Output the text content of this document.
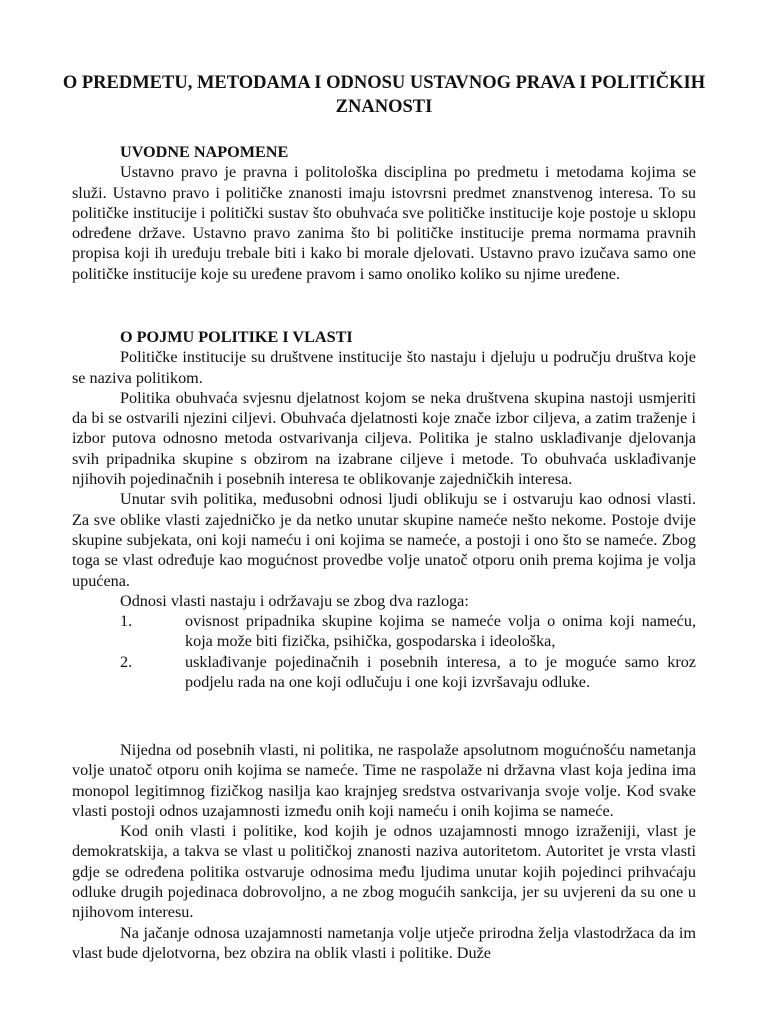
O PREDMETU, METODAMA I ODNOSU USTAVNOG PRAVA I POLITIČKIH ZNANOSTI

UVODNE NAPOMENE

Ustavno pravo je pravna i politološka disciplina po predmetu i metodama kojima se služi. Ustavno pravo i političke znanosti imaju istovrsni predmet znanstvenog interesa. To su političke institucije i politički sustav što obuhvaća sve političke institucije koje postoje u sklopu određene države. Ustavno pravo zanima što bi političke institucije prema normama pravnih propisa koji ih uređuju trebale biti i kako bi morale djelovati. Ustavno pravo izučava samo one političke institucije koje su uređene pravom i samo onoliko koliko su njime uređene.

O POJMU POLITIKE I VLASTI

Političke institucije su društvene institucije što nastaju i djeluju u području društva koje se naziva politikom.

Politika obuhvaća svjesnu djelatnost kojom se neka društvena skupina nastoji usmjeriti da bi se ostvarili njezini ciljevi. Obuhvaća djelatnosti koje znače izbor ciljeva, a zatim traženje i izbor putova odnosno metoda ostvarivanja ciljeva. Politika je stalno usklađivanje djelovanja svih pripadnika skupine s obzirom na izabrane ciljeve i metode. To obuhvaća usklađivanje njihovih pojedinačnih i posebnih interesa te oblikovanje zajedničkih interesa.

Unutar svih politika, međusobni odnosi ljudi oblikuju se i ostvaruju kao odnosi vlasti. Za sve oblike vlasti zajedničko je da netko unutar skupine nameće nešto nekome. Postoje dvije skupine subjekata, oni koji nameću i oni kojima se nameće, a postoji i ono što se nameće. Zbog toga se vlast određuje kao mogućnost provedbe volje unatoč otporu onih prema kojima je volja upućena.

Odnosi vlasti nastaju i održavaju se zbog dva razloga:

1.	ovisnost pripadnika skupine kojima se nameće volja o onima koji nameću, koja može biti fizička, psihička, gospodarska i ideološka,
2.	usklađivanje pojedinačnih i posebnih interesa, a to je moguće samo kroz podjelu rada na one koji odlučuju i one koji izvršavaju odluke.

Nijedna od posebnih vlasti, ni politika, ne raspolaže apsolutnom mogućnošću nametanja volje unatoč otporu onih kojima se nameće. Time ne raspolaže ni državna vlast koja jedina ima monopol legitimnog fizičkog nasilja kao krajnjeg sredstva ostvarivanja svoje volje. Kod svake vlasti postoji odnos uzajamnosti između onih koji nameću i onih kojima se nameće.

Kod onih vlasti i politike, kod kojih je odnos uzajamnosti mnogo izraženiji, vlast je demokratskija, a takva se vlast u političkoj znanosti naziva autoritetom. Autoritet je vrsta vlasti gdje se određena politika ostvaruje odnosima među ljudima unutar kojih pojedinci prihvaćaju odluke drugih pojedinaca dobrovoljno, a ne zbog mogućih sankcija, jer su uvjereni da su one u njihovom interesu.

Na jačanje odnosa uzajamnosti nametanja volje utječe prirodna želja vlastodržaca da im vlast bude djelotvorna, bez obzira na oblik vlasti i politike. Duže
